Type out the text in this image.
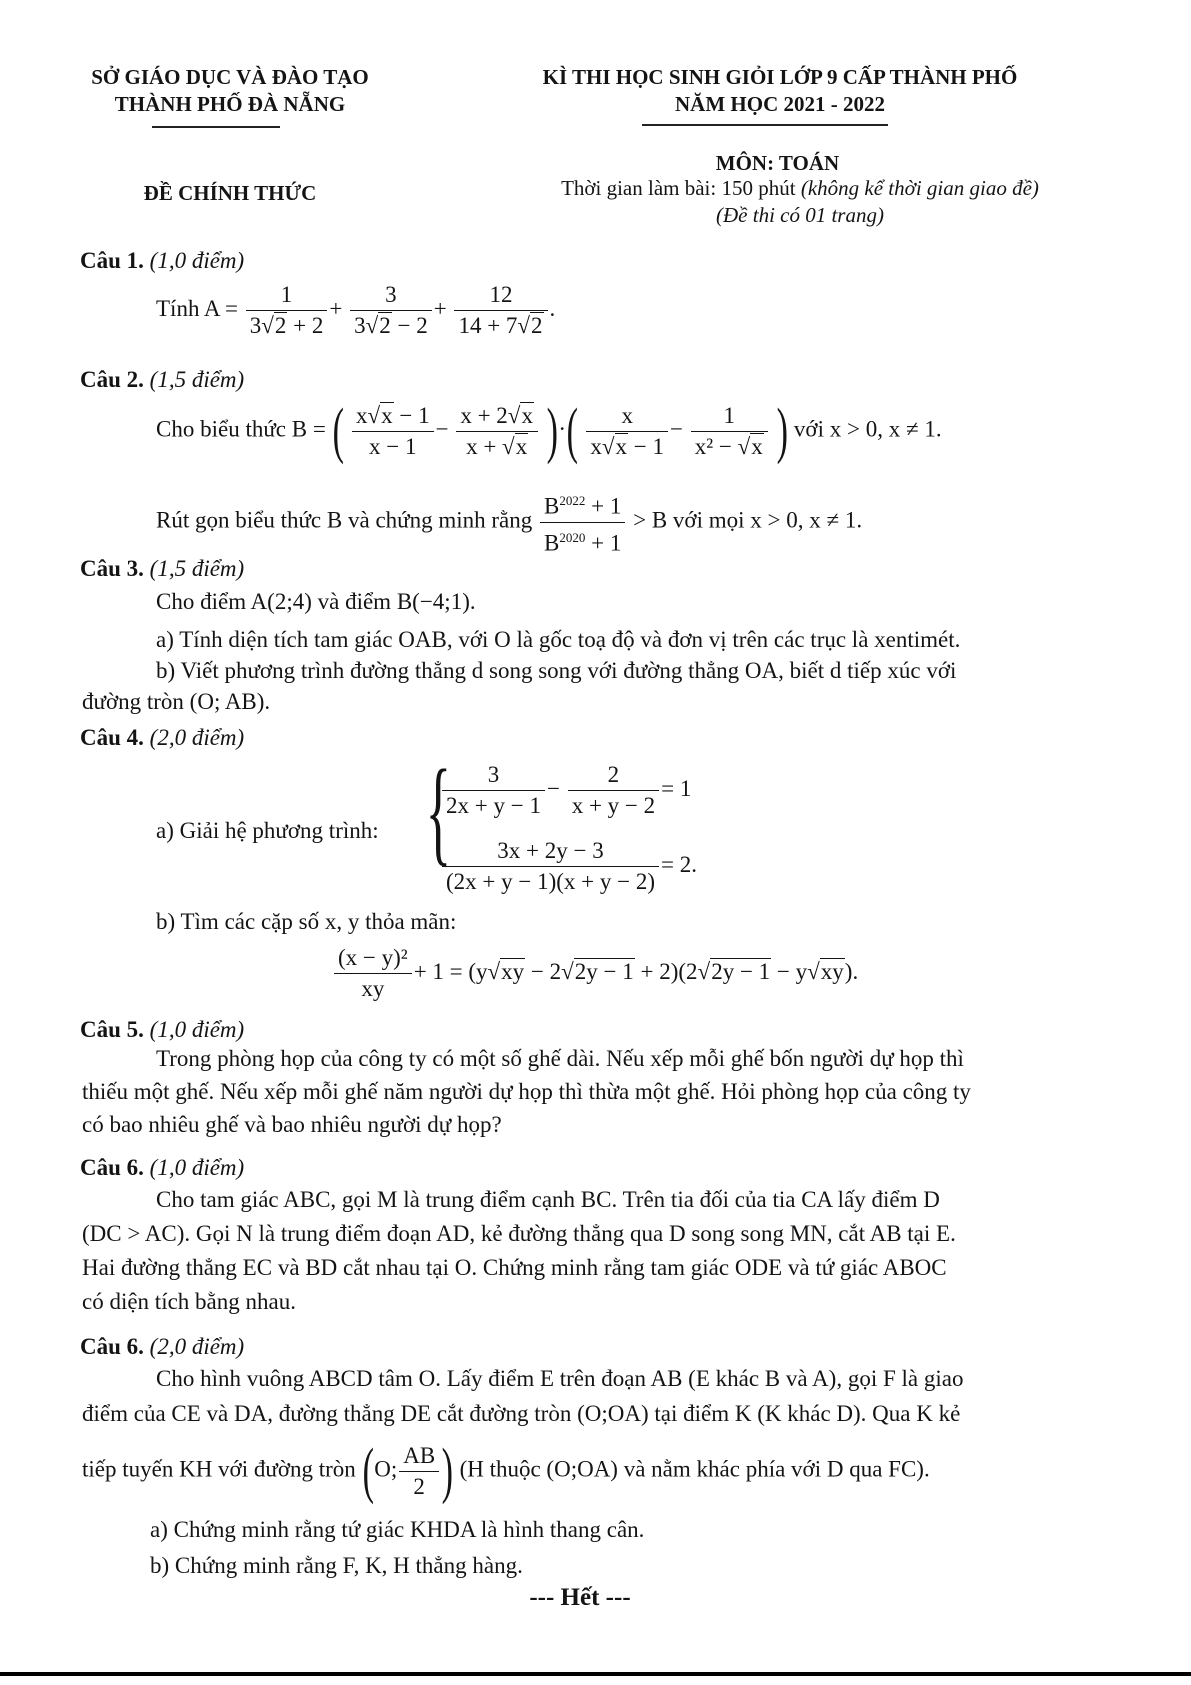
SỞ GIÁO DỤC VÀ ĐÀO TẠO
THÀNH PHỐ ĐÀ NẴNG
KÌ THI HỌC SINH GIỎI LỚP 9 CẤP THÀNH PHỐ
NĂM HỌC 2021 - 2022
MÔN: TOÁN
ĐỀ CHÍNH THỨC	Thời gian làm bài: 150 phút (không kể thời gian giao đề)
(Đề thi có 01 trang)
Câu 1. (1,0 điểm)
Tính $A = \frac{1}{3√2 + 2} + \frac{3}{3√2 - 2} + \frac{12}{14 + 7√2}$ .
Câu 2. (1,5 điểm)
Cho biểu thức B = ( $\frac{x√x - 1}{x - 1} - \frac{x + 2√x}{x + √x}$ )·( $\frac{x}{x√x - 1} - \frac{1}{\text{x² − √x}}$ ) với x > 0, x ≠ 1.
Rút gọn biểu thức B và chứng minh rằng $\frac{B^{2022} + 1}{B^{2020} + 1} > B$ với mọi x > 0, x ≠ 1.
Câu 3. (1,5 điểm)
Cho điểm A(2;4) và điểm B(−4;1).
a) Tính diện tích tam giác OAB, với O là gốc toạ độ và đơn vị trên các trục là xentimét.
b) Viết phương trình đường thẳng d song song với đường thẳng OA, biết d tiếp xúc với
đường tròn (O; AB).
Câu 4. (2,0 điểm)
a) Giải hệ phương trình: {
$\frac{3}{2x + y - 1} - \frac{2}{x + y - 2} = 1$
$\frac{3x + 2y - 3}{(2x + y - 1)(x + y - 2)} = 2$.
b) Tìm các cặp số x, y thỏa mãn:
$\frac{\text{(x − y)²}}{xy} + 1 = (y√xy - 2√2y - 1 + 2)(2√2y - 1 - y√xy)$.
Câu 5. (1,0 điểm)
Trong phòng họp của công ty có một số ghế dài. Nếu xếp mỗi ghế bốn người dự họp thì
thiếu một ghế. Nếu xếp mỗi ghế năm người dự họp thì thừa một ghế. Hỏi phòng họp của công ty
có bao nhiêu ghế và bao nhiêu người dự họp?
Câu 6. (1,0 điểm)
Cho tam giác ABC, gọi M là trung điểm cạnh BC. Trên tia đối của tia CA lấy điểm D
(DC > AC). Gọi N là trung điểm đoạn AD, kẻ đường thẳng qua D song song MN, cắt AB tại E.
Hai đường thẳng EC và BD cắt nhau tại O. Chứng minh rằng tam giác ODE và tứ giác ABOC
có diện tích bằng nhau.
Câu 6. (2,0 điểm)
Cho hình vuông ABCD tâm O. Lấy điểm E trên đoạn AB (E khác B và A), gọi F là giao
điểm của CE và DA, đường thẳng DE cắt đường tròn (O;OA) tại điểm K (K khác D). Qua K kẻ
tiếp tuyến KH với đường tròn (O; $\frac{AB}{2}$ ) (H thuộc (O;OA) và nằm khác phía với D qua FC).
a) Chứng minh rằng tứ giác KHDA là hình thang cân.
b) Chứng minh rằng F, K, H thẳng hàng.
--- Hết ---
